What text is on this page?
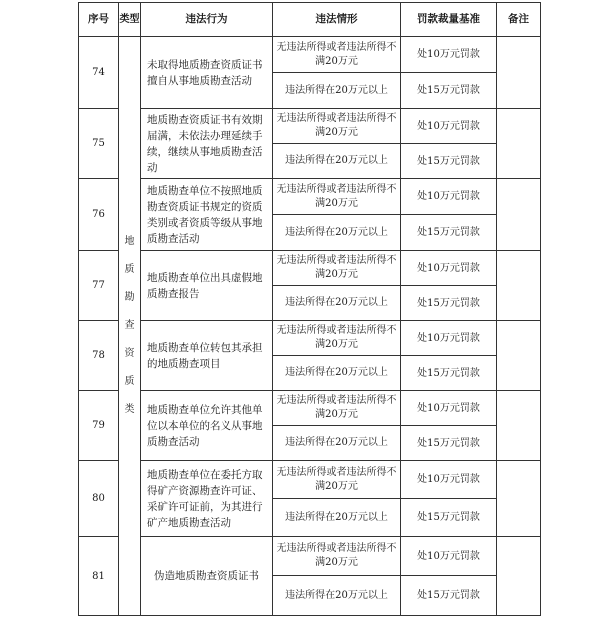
序号	类型	违法行为	违法情形	罚款裁量基准	备注
74	地质勘查资质类	未取得地质勘查资质证书擅自从事地质勘查活动	无违法所得或者违法所得不满20万元	处10万元罚款	
			违法所得在20万元以上	处15万元罚款	
75		地质勘查资质证书有效期届满，未依法办理延续手续，继续从事地质勘查活动	无违法所得或者违法所得不满20万元	处10万元罚款	
			违法所得在20万元以上	处15万元罚款	
76		地质勘查单位不按照地质勘查资质证书规定的资质类别或者资质等级从事地质勘查活动	无违法所得或者违法所得不满20万元	处10万元罚款	
			违法所得在20万元以上	处15万元罚款	
77		地质勘查单位出具虚假地质勘查报告	无违法所得或者违法所得不满20万元	处10万元罚款	
			违法所得在20万元以上	处15万元罚款	
78		地质勘查单位转包其承担的地质勘查项目	无违法所得或者违法所得不满20万元	处10万元罚款	
			违法所得在20万元以上	处15万元罚款	
79		地质勘查单位允许其他单位以本单位的名义从事地质勘查活动	无违法所得或者违法所得不满20万元	处10万元罚款	
			违法所得在20万元以上	处15万元罚款	
80		地质勘查单位在委托方取得矿产资源勘查许可证、采矿许可证前，为其进行矿产地质勘查活动	无违法所得或者违法所得不满20万元	处10万元罚款	
			违法所得在20万元以上	处15万元罚款	
81		伪造地质勘查资质证书	无违法所得或者违法所得不满20万元	处10万元罚款	
			违法所得在20万元以上	处15万元罚款	
